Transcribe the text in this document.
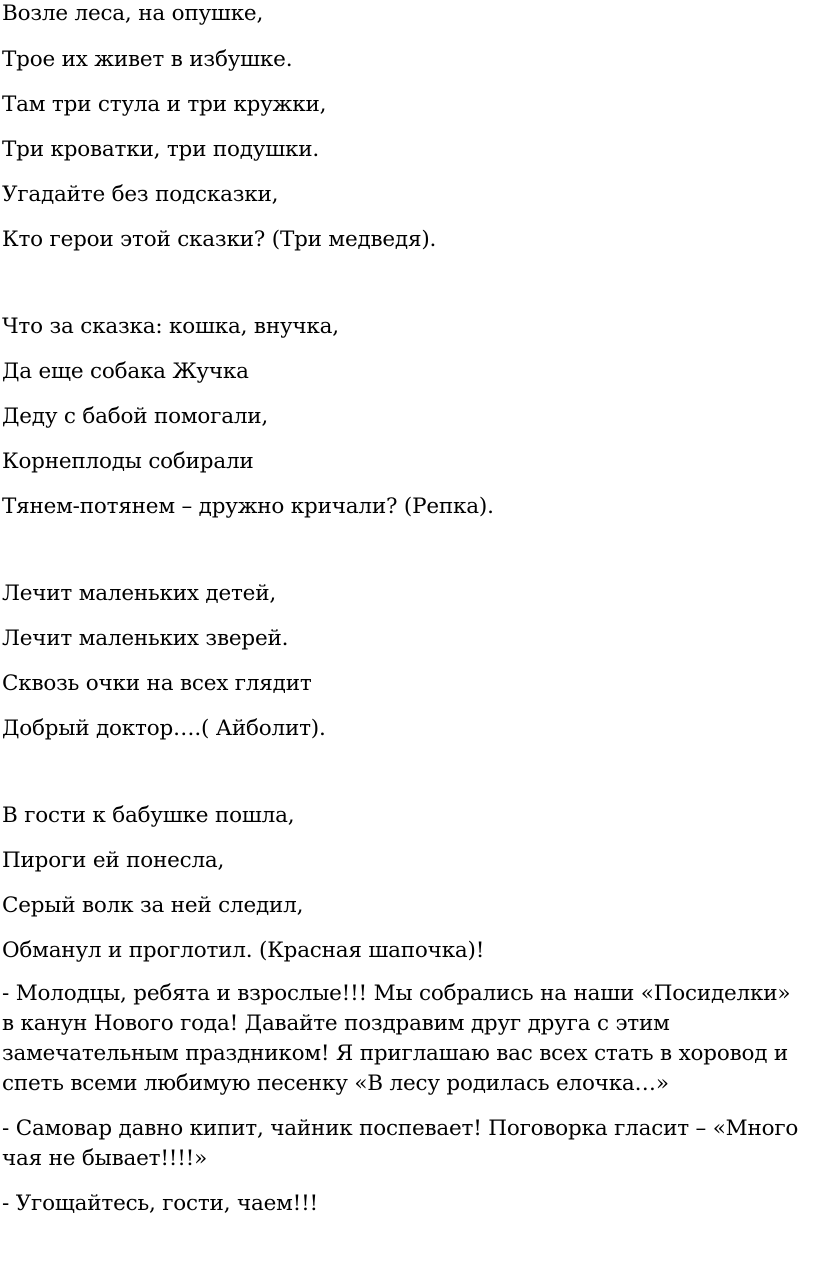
Возле леса, на опушке,
Трое их живет в избушке.
Там три стула и три кружки,
Три кроватки, три подушки.
Угадайте без подсказки,
Кто герои этой сказки? (Три медведя).
Что за сказка: кошка, внучка,
Да еще собака Жучка
Деду с бабой помогали,
Корнеплоды собирали
Тянем-потянем – дружно кричали? (Репка).
Лечит маленьких детей,
Лечит маленьких зверей.
Сквозь очки на всех глядит
Добрый доктор….( Айболит).
В гости к бабушке пошла,
Пироги ей понесла,
Серый волк за ней следил,
Обманул и проглотил. (Красная шапочка)!
- Молодцы, ребята и взрослые!!! Мы собрались на наши «Посиделки» в канун Нового года! Давайте поздравим друг друга с этим замечательным праздником! Я приглашаю вас всех стать в хоровод и спеть всеми любимую песенку «В лесу родилась елочка…»
- Самовар давно кипит, чайник поспевает! Поговорка гласит – «Много чая не бывает!!!!»
- Угощайтесь, гости, чаем!!!
